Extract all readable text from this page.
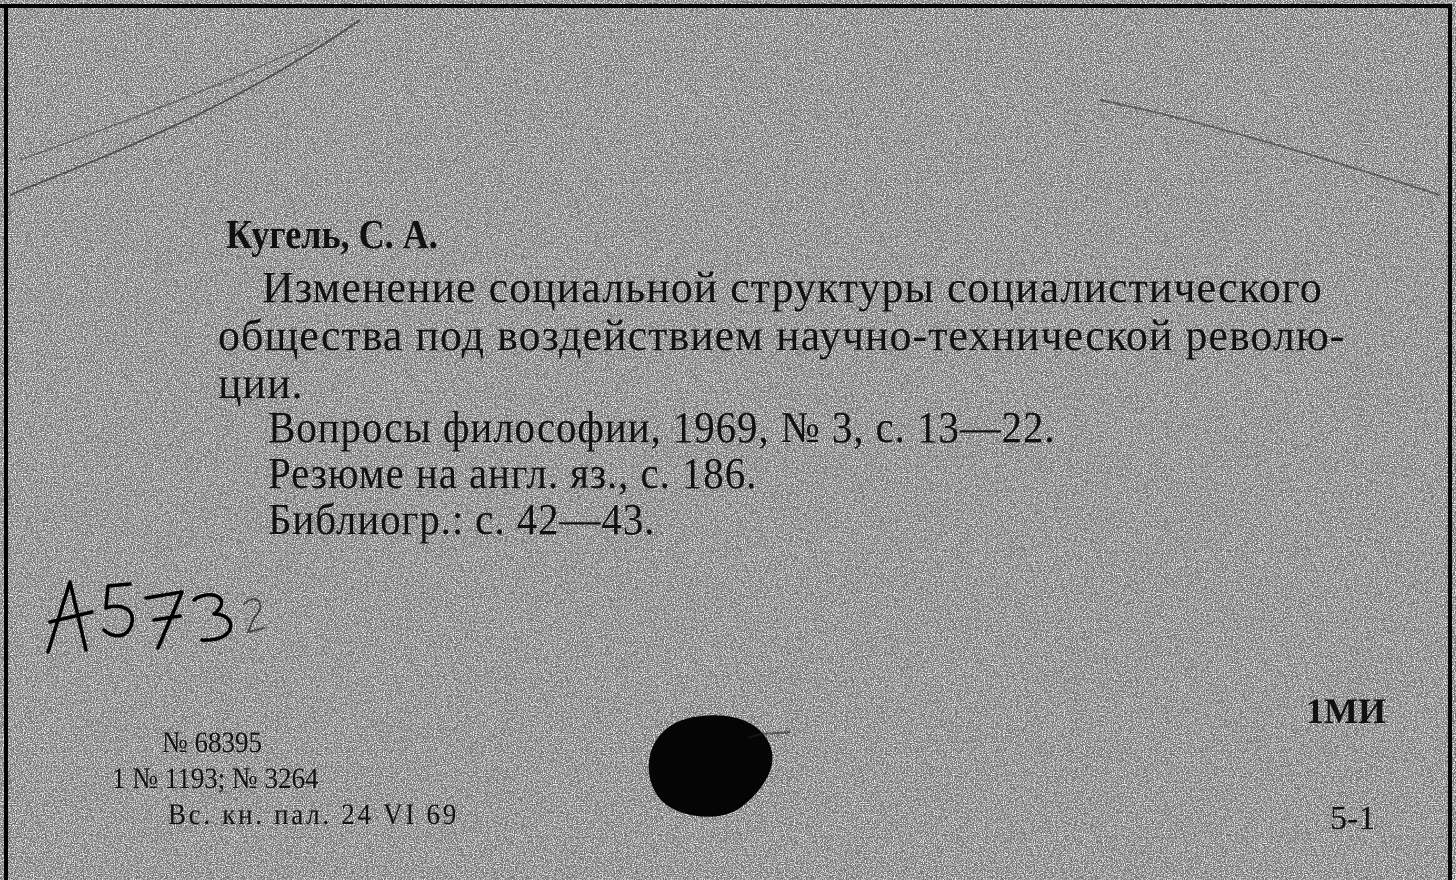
Кугель, С. А.

Изменение социальной структуры социалистического

общества под воздействием научно-технической револю-

ции.

Вопросы философии, 1969, № 3, с. 13—22.

Резюме на англ. яз., с. 186.

Библиогр.: с. 42—43.

№ 68395

1 № 1193; № 3264

Вс. кн. пал. 24 VI 69

1МИ

5-1
